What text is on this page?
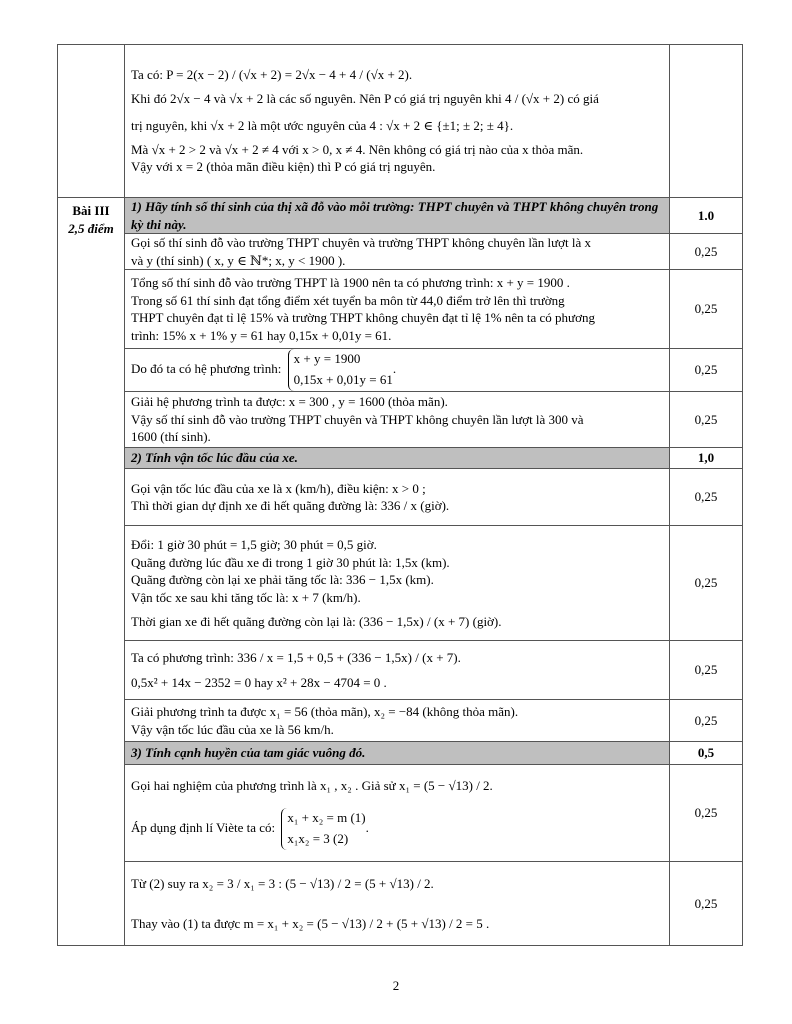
	Ta có: P = 2(x − 2) / (√x + 2) = 2√x − 4 + 4 / (√x + 2).
Khi đó 2√x − 4 và √x + 2 là các số nguyên. Nên P có giá trị nguyên khi 4 / (√x + 2) có giá
trị nguyên, khi √x + 2 là một ước nguyên của 4 : √x + 2 ∈ {±1; ± 2; ± 4}.
Mà √x + 2 > 2 và √x + 2 ≠ 4 với x > 0, x ≠ 4. Nên không có giá trị nào của x thỏa mãn.
Vậy với x = 2 (thỏa mãn điều kiện) thì P có giá trị nguyên.	

Bài III
2,5 điểm	1) Hãy tính số thí sinh của thị xã đỗ vào mỗi trường: THPT chuyên và THPT không chuyên trong kỳ thi này.	1.0

	Gọi số thí sinh đỗ vào trường THPT chuyên và trường THPT không chuyên lần lượt là x
và y (thí sinh) ( x, y ∈ ℕ*; x, y < 1900 ).	0,25

	Tổng số thí sinh đỗ vào trường THPT là 1900 nên ta có phương trình: x + y = 1900 .
Trong số 61 thí sinh đạt tổng điểm xét tuyển ba môn từ 44,0 điểm trở lên thì trường
THPT chuyên đạt tỉ lệ 15% và trường THPT không chuyên đạt tỉ lệ 1% nên ta có phương
trình: 15% x + 1% y = 61 hay 0,15x + 0,01y = 61.	0,25
	Do đó ta có hệ phương trình:
x + y = 1900
0,15x + 0,01y = 61
.	0,25

	Giải hệ phương trình ta được: x = 300 , y = 1600 (thỏa mãn).
Vậy số thí sinh đỗ vào trường THPT chuyên và THPT không chuyên lần lượt là 300 và
1600 (thí sinh).	0,25
	2) Tính vận tốc lúc đầu của xe.	1,0

	Gọi vận tốc lúc đầu của xe là x (km/h), điều kiện: x > 0 ;
Thì thời gian dự định xe đi hết quãng đường là: 336 / x (giờ).	0,25

	Đổi: 1 giờ 30 phút = 1,5 giờ; 30 phút = 0,5 giờ.
Quãng đường lúc đầu xe đi trong 1 giờ 30 phút là: 1,5x (km).
Quãng đường còn lại xe phải tăng tốc là: 336 − 1,5x (km).
Vận tốc xe sau khi tăng tốc là: x + 7 (km/h).
Thời gian xe đi hết quãng đường còn lại là: (336 − 1,5x) / (x + 7) (giờ).	0,25

	Ta có phương trình: 336 / x = 1,5 + 0,5 + (336 − 1,5x) / (x + 7).
0,5x² + 14x − 2352 = 0 hay x² + 28x − 4704 = 0 .	0,25

	Giải phương trình ta được x₁ = 56 (thỏa mãn), x₂ = −84 (không thỏa mãn).
Vậy vận tốc lúc đầu của xe là 56 km/h.	0,25
	3) Tính cạnh huyền của tam giác vuông đó.	0,5

	Gọi hai nghiệm của phương trình là x₁ , x₂ . Giả sử x₁ = (5 − √13) / 2.
Áp dụng định lí Viète ta có:
x₁ + x₂ = m (1)
x₁x₂ = 3 (2)
.	0,25

	Từ (2) suy ra x₂ = 3 / x₁ = 3 : (5 − √13) / 2 = (5 + √13) / 2.
Thay vào (1) ta được m = x₁ + x₂ = (5 − √13) / 2 + (5 + √13) / 2 = 5 .	0,25
2
